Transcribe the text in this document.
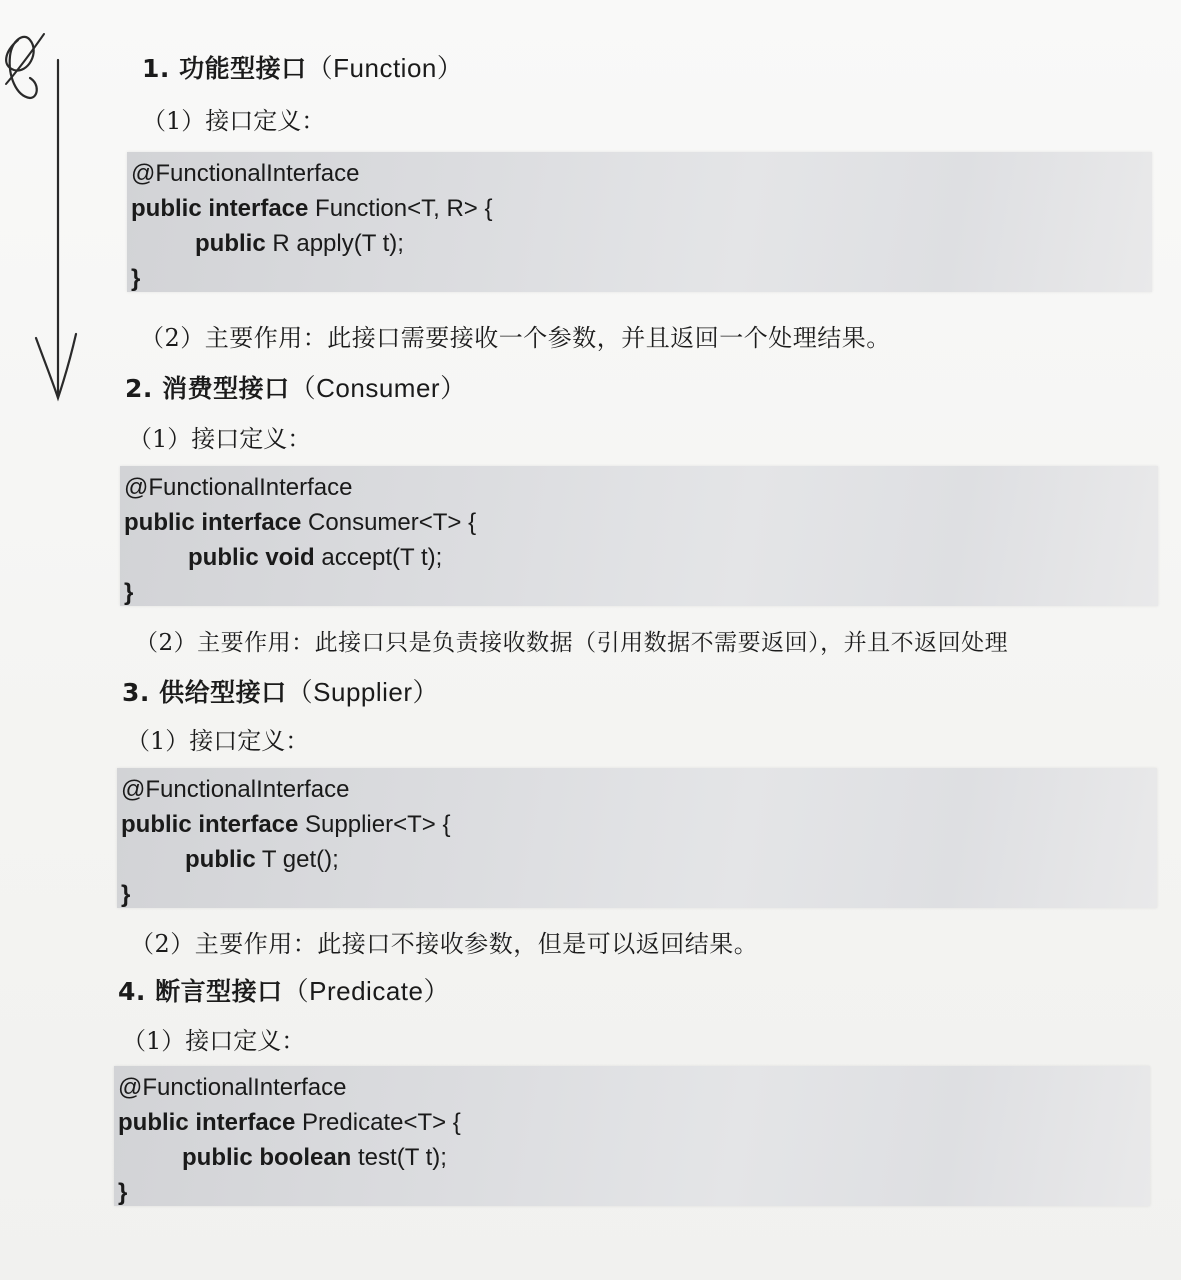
1. 功能型接口（Function）

（1）接口定义：

@FunctionalInterface
public interface Function<T, R> {
public R apply(T t);
}

（2）主要作用：此接口需要接收一个参数，并且返回一个处理结果。

2. 消费型接口（Consumer）

（1）接口定义：

@FunctionalInterface
public interface Consumer<T> {
public void accept(T t);
}

（2）主要作用：此接口只是负责接收数据（引用数据不需要返回），并且不返回处理

3. 供给型接口（Supplier）

（1）接口定义：

@FunctionalInterface
public interface Supplier<T> {
public T get();
}

（2）主要作用：此接口不接收参数，但是可以返回结果。

4. 断言型接口（Predicate）

（1）接口定义：

@FunctionalInterface
public interface Predicate<T> {
public boolean test(T t);
}
